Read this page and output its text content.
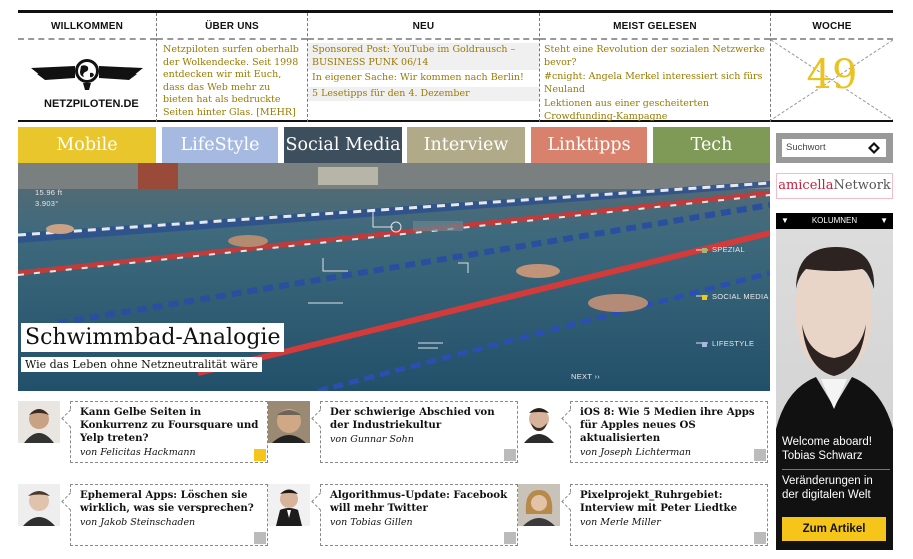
WILLKOMMEN
NETZPILOTEN.DE
ÜBER UNS
Netzpiloten surfen oberhalb der Wolkendecke. Seit 1998 entdecken wir mit Euch, dass das Web mehr zu bieten hat als bedruckte Seiten hinter Glas. [MEHR]
NEU
Sponsored Post: YouTube im Goldrausch – BUSINESS PUNK 06/14
In eigener Sache: Wir kommen nach Berlin!
5 Lesetipps für den 4. Dezember
MEIST GELESEN
Steht eine Revolution der sozialen Netzwerke bevor?
#cnight: Angela Merkel interessiert sich fürs Neuland
Lektionen aus einer gescheiterten Crowdfunding-Kampagne
WOCHE
49
Mobile	LifeStyle	Social Media	Interview	Linktipps	Tech	Suchwort
amicellaNetwork
15.96 ft
3.903°
SPEZIAL
SOCIAL MEDIA
LIFESTYLE
NEXT ››
Schwimmbad-Analogie
Wie das Leben ohne Netzneutralität wäre
▼	KOLUMNEN	▼
Welcome aboard!
Tobias Schwarz
Veränderungen in der digitalen Welt
Zum Artikel
Kann Gelbe Seiten in Konkurrenz zu Foursquare und Yelp treten?
von Felicitas Hackmann
Der schwierige Abschied von der Industriekultur
von Gunnar Sohn
iOS 8: Wie 5 Medien ihre Apps für Apples neues OS aktualisierten
von Joseph Lichterman
Ephemeral Apps: Löschen sie wirklich, was sie versprechen?
von Jakob Steinschaden
Algorithmus-Update: Facebook will mehr Twitter
von Tobias Gillen
Pixelprojekt_Ruhrgebiet: Interview mit Peter Liedtke
von Merle Miller
